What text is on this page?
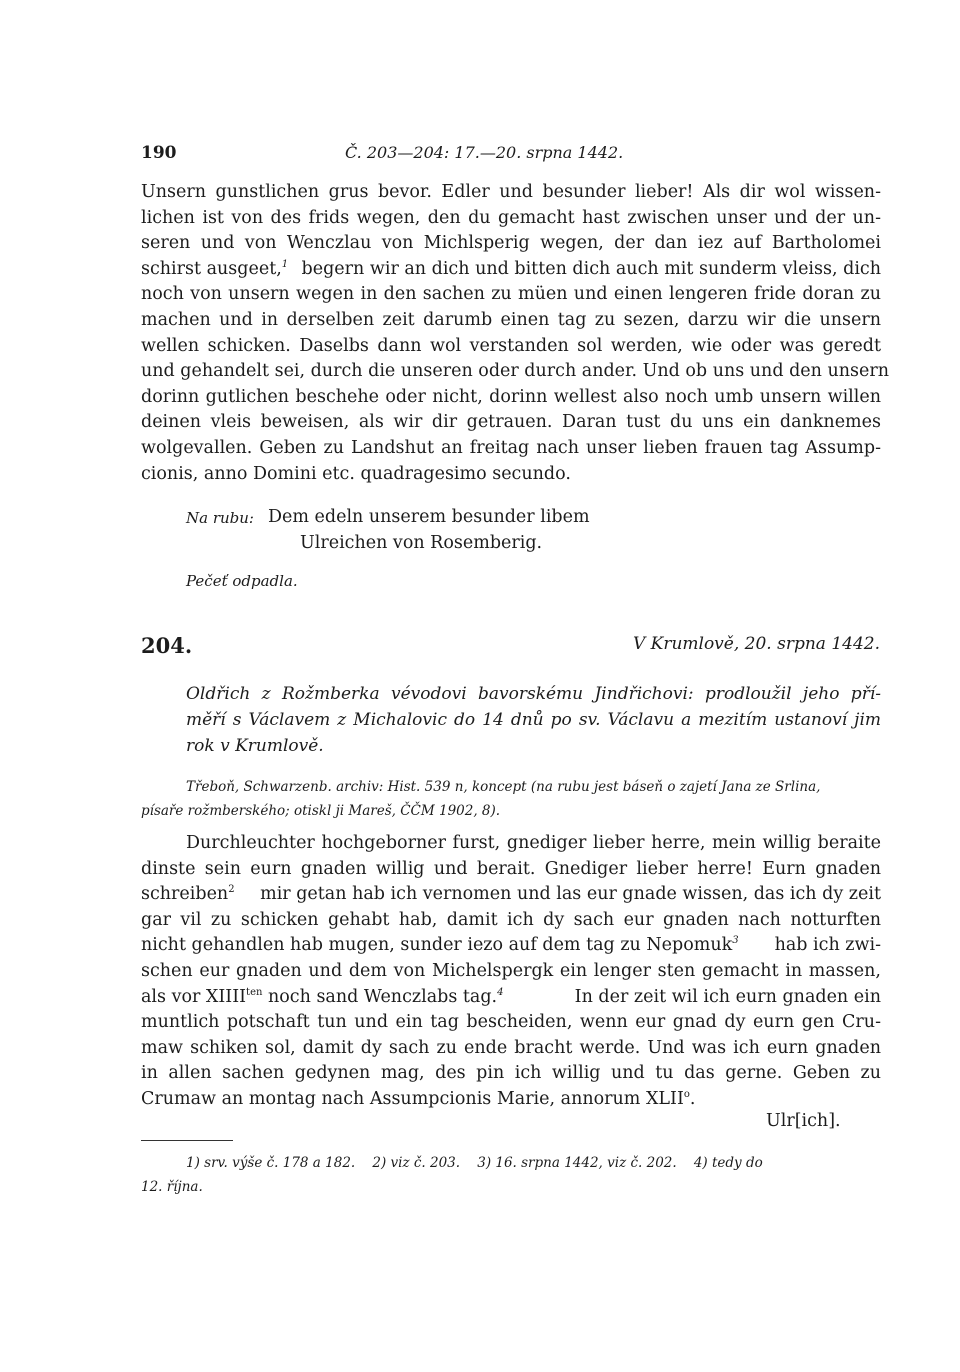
190	Č. 203—204: 17.—20. srpna 1442.

Unsern gunstlichen grus bevor. Edler und besunder lieber! Als dir wol wissen-
lichen ist von des frids wegen, den du gemacht hast zwischen unser und der un-
seren und von Wenczlau von Michlsperig wegen, der dan iez auf Bartholomei
schirst ausgeet,$^1$ begern wir an dich und bitten dich auch mit sunderm vleiss, dich
noch von unsern wegen in den sachen zu müen und einen lengeren fride doran zu
machen und in derselben zeit darumb einen tag zu sezen, darzu wir die unsern
wellen schicken. Daselbs dann wol verstanden sol werden, wie oder was geredt
und gehandelt sei, durch die unseren oder durch ander. Und ob uns und den unsern
dorinn gutlichen beschehe oder nicht, dorinn wellest also noch umb unsern willen
deinen vleis beweisen, als wir dir getrauen. Daran tust du uns ein danknemes
wolgevallen. Geben zu Landshut an freitag nach unser lieben frauen tag Assump-
cionis, anno Domini etc. quadragesimo secundo.

Na rubu: Dem edeln unserem besunder libem
Ulreichen von Rosemberig.
Pečeť odpadla.
204.	V Krumlově, 20. srpna 1442.

Oldřich z Rožmberka vévodovi bavorskému Jindřichovi: prodloužil jeho pří-
měří s Václavem z Michalovic do 14 dnů po sv. Václavu a mezitím ustanoví jim
rok v Krumlově.

Třeboň, Schwarzenb. archiv: Hist. 539 n, koncept (na rubu jest báseň o zajetí Jana ze Srlina,
písaře rožmberského; otiskl ji Mareš, ČČM 1902, 8).

Durchleuchter hochgeborner furst, gnediger lieber herre, mein willig beraite
dinste sein eurn gnaden willig und berait. Gnediger lieber herre! Eurn gnaden
schreiben$^2$ mir getan hab ich vernomen und las eur gnade wissen, das ich dy zeit
gar vil zu schicken gehabt hab, damit ich dy sach eur gnaden nach notturften
nicht gehandlen hab mugen, sunder iezo auf dem tag zu Nepomuk$^3$ hab ich zwi-
schen eur gnaden und dem von Michelspergk ein lenger sten gemacht in massen,
als vor $XIIII^{ten}$ noch sand Wenczlabs tag.$^4$	In der zeit wil ich eurn gnaden ein
muntlich potschaft tun und ein tag bescheiden, wenn eur gnad dy eurn gen Cru-
maw schiken sol, damit dy sach zu ende bracht werde. Und was ich eurn gnaden
in allen sachen gedynen mag, des pin ich willig und tu das gerne. Geben zu
Crumaw an montag nach Assumpcionis Marie, annorum XLII$^o$.

Ulr[ich].

1) srv. výše č. 178 a 182.    2) viz č. 203.    3) 16. srpna 1442, viz č. 202.    4) tedy do
12. října.
